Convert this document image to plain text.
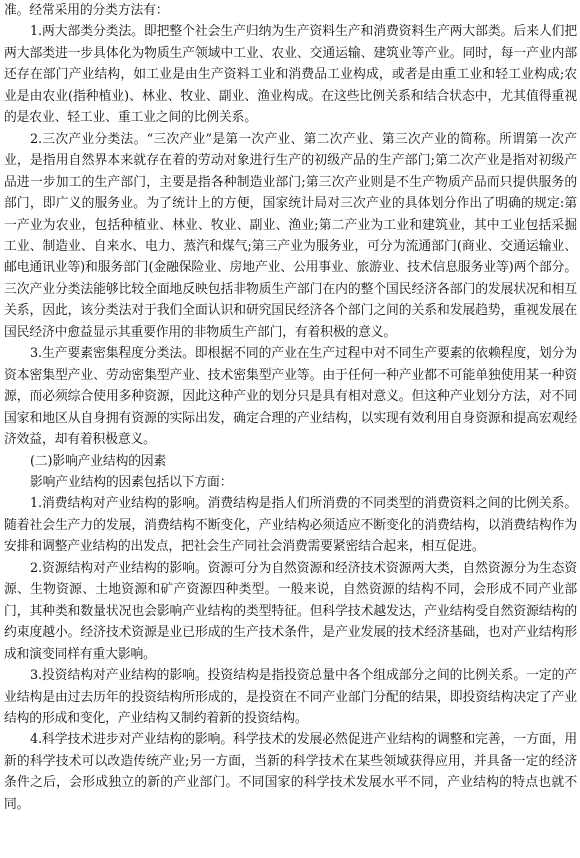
准。经常采用的分类方法有：

1.两大部类分类法。即把整个社会生产归纳为生产资料生产和消费资料生产两大部类。后来人们把两大部类进一步具体化为物质生产领域中工业、农业、交通运输、建筑业等产业。同时，每一产业内部还存在部门产业结构，如工业是由生产资料工业和消费品工业构成，或者是由重工业和轻工业构成;农业是由农业(指种植业)、林业、牧业、副业、渔业构成。在这些比例关系和结合状态中，尤其值得重视的是农业、轻工业、重工业之间的比例关系。

2.三次产业分类法。“三次产业”是第一次产业、第二次产业、第三次产业的简称。所谓第一次产业，是指用自然界本来就存在着的劳动对象进行生产的初级产品的生产部门;第二次产业是指对初级产品进一步加工的生产部门，主要是指各种制造业部门;第三次产业则是不生产物质产品而只提供服务的部门，即广义的服务业。为了统计上的方便，国家统计局对三次产业的具体划分作出了明确的规定:第一产业为农业，包括种植业、林业、牧业、副业、渔业;第二产业为工业和建筑业，其中工业包括采掘工业、制造业、自来水、电力、蒸汽和煤气;第三产业为服务业，可分为流通部门(商业、交通运输业、邮电通讯业等)和服务部门(金融保险业、房地产业、公用事业、旅游业、技术信息服务业等)两个部分。三次产业分类法能够比较全面地反映包括非物质生产部门在内的整个国民经济各部门的发展状况和相互关系，因此，该分类法对于我们全面认识和研究国民经济各个部门之间的关系和发展趋势，重视发展在国民经济中愈益显示其重要作用的非物质生产部门，有着积极的意义。

3.生产要素密集程度分类法。即根据不同的产业在生产过程中对不同生产要素的依赖程度，划分为资本密集型产业、劳动密集型产业、技术密集型产业等。由于任何一种产业都不可能单独使用某一种资源，而必须综合使用多种资源，因此这种产业的划分只是具有相对意义。但这种产业划分方法，对不同国家和地区从自身拥有资源的实际出发，确定合理的产业结构，以实现有效利用自身资源和提高宏观经济效益，却有着积极意义。

(二)影响产业结构的因素

影响产业结构的因素包括以下方面：

1.消费结构对产业结构的影响。消费结构是指人们所消费的不同类型的消费资料之间的比例关系。随着社会生产力的发展，消费结构不断变化，产业结构必须适应不断变化的消费结构，以消费结构作为安排和调整产业结构的出发点，把社会生产同社会消费需要紧密结合起来，相互促进。

2.资源结构对产业结构的影响。资源可分为自然资源和经济技术资源两大类，自然资源分为生态资源、生物资源、土地资源和矿产资源四种类型。一般来说，自然资源的结构不同，会形成不同产业部门，其种类和数量状况也会影响产业结构的类型特征。但科学技术越发达，产业结构受自然资源结构的约束度越小。经济技术资源是业已形成的生产技术条件，是产业发展的技术经济基础，也对产业结构形成和演变同样有重大影响。

3.投资结构对产业结构的影响。投资结构是指投资总量中各个组成部分之间的比例关系。一定的产业结构是由过去历年的投资结构所形成的，是投资在不同产业部门分配的结果，即投资结构决定了产业结构的形成和变化，产业结构又制约着新的投资结构。

4.科学技术进步对产业结构的影响。科学技术的发展必然促进产业结构的调整和完善，一方面，用新的科学技术可以改造传统产业;另一方面，当新的科学技术在某些领域获得应用，并具备一定的经济条件之后，会形成独立的新的产业部门。不同国家的科学技术发展水平不同，产业结构的特点也就不同。
